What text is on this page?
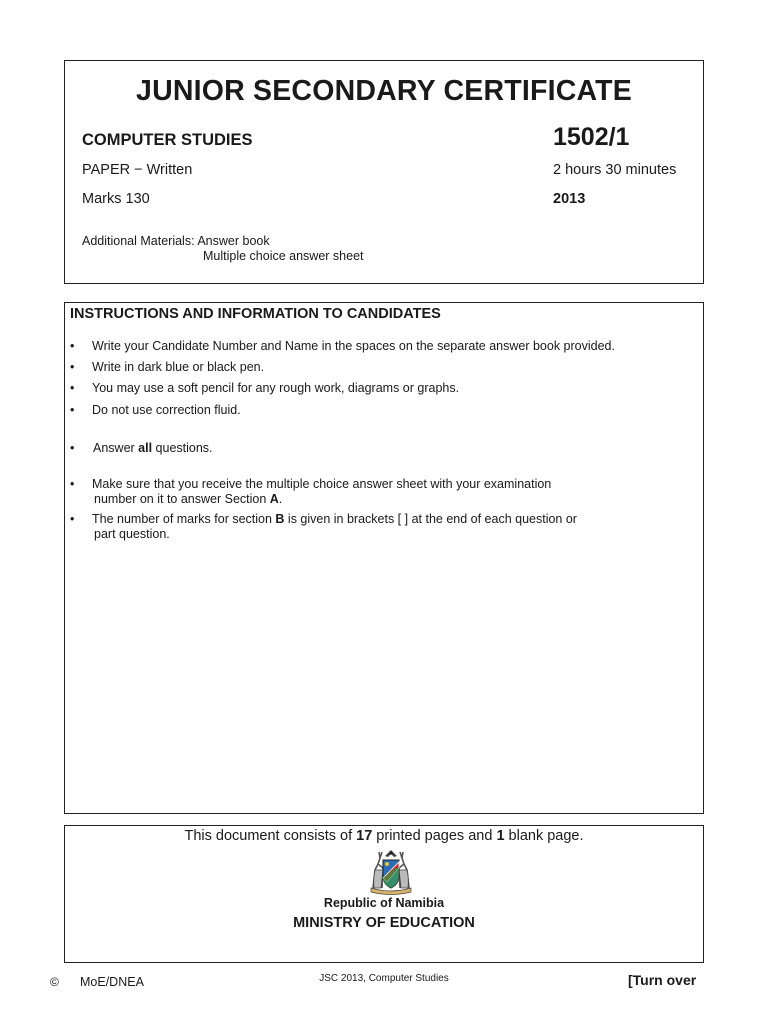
JUNIOR SECONDARY CERTIFICATE
COMPUTER STUDIES	1502/1
PAPER − Written	2 hours 30 minutes
Marks 130	2013
Additional Materials: Answer book
Multiple choice answer sheet
INSTRUCTIONS AND INFORMATION TO CANDIDATES
• Write your Candidate Number and Name in the spaces on the separate answer book provided.
• Write in dark blue or black pen.
• You may use a soft pencil for any rough work, diagrams or graphs.
• Do not use correction fluid.
• Answer all questions.
• Make sure that you receive the multiple choice answer sheet with your examination
number on it to answer Section A.
• The number of marks for section B is given in brackets [ ] at the end of each question or
part question.
This document consists of 17 printed pages and 1 blank page.
Republic of Namibia
MINISTRY OF EDUCATION
© MoE/DNEA	JSC 2013, Computer Studies	[Turn over
